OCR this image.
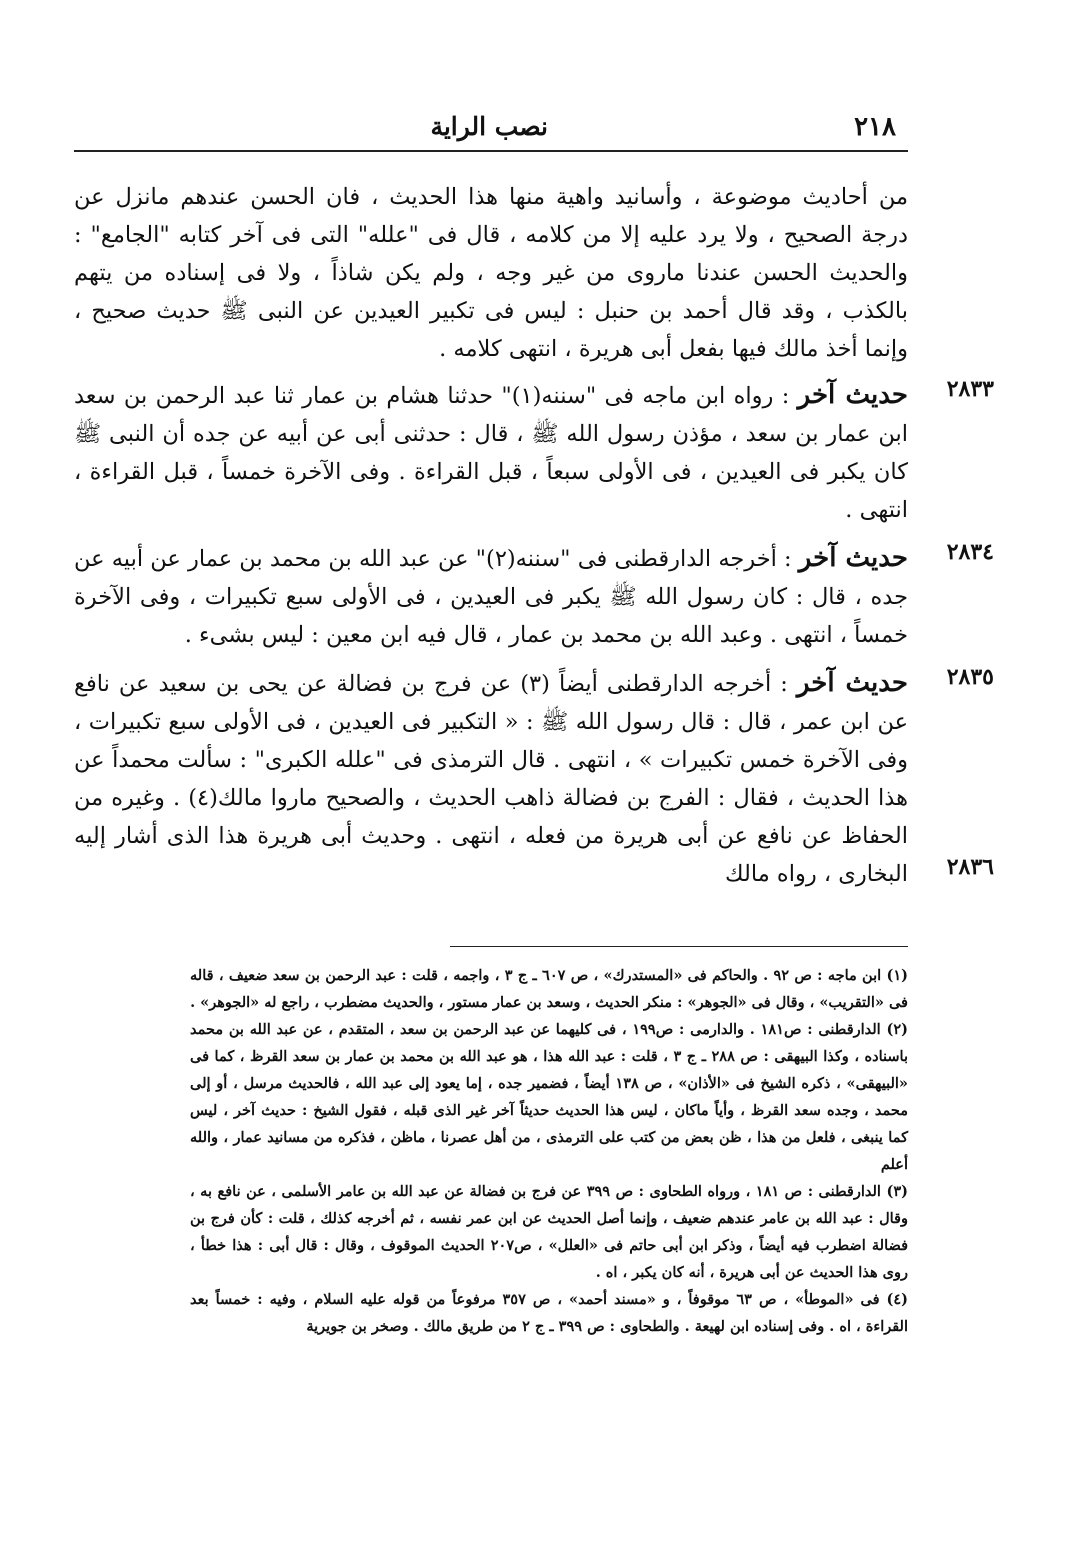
٢١٨
نصب الراية

من أحاديث موضوعة ، وأسانيد واهية منها هذا الحديث ، فان الحسن عندهم مانزل عن درجة الصحيح ، ولا يرد عليه إلا من كلامه ، قال فى "علله" التى فى آخر كتابه "الجامع" : والحديث الحسن عندنا ماروى من غير وجه ، ولم يكن شاذاً ، ولا فى إسناده من يتهم بالكذب ، وقد قال أحمد بن حنبل : ليس فى تكبير العيدين عن النبى ﷺ حديث صحيح ، وإنما أخذ مالك فيها بفعل أبى هريرة ، انتهى كلامه .

٢٨٣٣

حديث آخر : رواه ابن ماجه فى "سننه(١)" حدثنا هشام بن عمار ثنا عبد الرحمن بن سعد ابن عمار بن سعد ، مؤذن رسول الله ﷺ ، قال : حدثنى أبى عن أبيه عن جده أن النبى ﷺ كان يكبر فى العيدين ، فى الأولى سبعاً ، قبل القراءة . وفى الآخرة خمساً ، قبل القراءة ، انتهى .

٢٨٣٤

حديث آخر : أخرجه الدارقطنى فى "سننه(٢)" عن عبد الله بن محمد بن عمار عن أبيه عن جده ، قال : كان رسول الله ﷺ يكبر فى العيدين ، فى الأولى سبع تكبيرات ، وفى الآخرة خمساً ، انتهى . وعبد الله بن محمد بن عمار ، قال فيه ابن معين : ليس بشىء .

٢٨٣٥

حديث آخر : أخرجه الدارقطنى أيضاً (٣) عن فرج بن فضالة عن يحى بن سعيد عن نافع عن ابن عمر ، قال : قال رسول الله ﷺ : « التكبير فى العيدين ، فى الأولى سبع تكبيرات ، وفى الآخرة خمس تكبيرات » ، انتهى . قال الترمذى فى "علله الكبرى" : سألت محمداً عن هذا الحديث ، فقال : الفرج بن فضالة ذاهب الحديث ، والصحيح ماروا مالك(٤) . وغيره من الحفاظ عن نافع عن أبى هريرة من فعله ، انتهى . وحديث أبى هريرة هذا الذى أشار إليه البخارى ، رواه مالك	٢٨٣٦

(١) ابن ماجه : ص ٩٢ . والحاكم فى «المستدرك» ، ص ٦٠٧ ـ ج ٣ ، واجمه ، قلت : عبد الرحمن بن سعد ضعيف ، قاله فى «التقريب» ، وقال فى «الجوهر» : منكر الحديث ، وسعد بن عمار مستور ، والحديث مضطرب ، راجع له «الجوهر» .

(٢) الدارقطنى : ص١٨١ . والدارمى : ص١٩٩ ، فى كليهما عن عبد الرحمن بن سعد ، المتقدم ، عن عبد الله بن محمد باسناده ، وكذا البيهقى : ص ٢٨٨ ـ ج ٣ ، قلت : عبد الله هذا ، هو عبد الله بن محمد بن عمار بن سعد القرظ ، كما فى «البيهقى» ، ذكره الشيخ فى «الأذان» ، ص ١٣٨ أيضاً ، فضمير جده ، إما يعود إلى عبد الله ، فالحديث مرسل ، أو إلى محمد ، وجده سعد القرظ ، وأياً ماكان ، ليس هذا الحديث حديثاً آخر غير الذى قبله ، فقول الشيخ : حديث آخر ، ليس كما ينبغى ، فلعل من هذا ، ظن بعض من كتب على الترمذى ، من أهل عصرنا ، ماظن ، فذكره من مسانيد عمار ، والله أعلم

(٣) الدارقطنى : ص ١٨١ ، ورواه الطحاوى : ص ٣٩٩ عن فرج بن فضالة عن عبد الله بن عامر الأسلمى ، عن نافع به ، وقال : عبد الله بن عامر عندهم ضعيف ، وإنما أصل الحديث عن ابن عمر نفسه ، ثم أخرجه كذلك ، قلت : كأن فرج بن فضالة اضطرب فيه أيضاً ، وذكر ابن أبى حاتم فى «العلل» ، ص٢٠٧ الحديث الموقوف ، وقال : قال أبى : هذا خطأ ، روى هذا الحديث عن أبى هريرة ، أنه كان يكبر ، اه .

(٤) فى «الموطأ» ، ص ٦٣ موقوفاً ، و «مسند أحمد» ، ص ٣٥٧ مرفوعاً من قوله عليه السلام ، وفيه : خمساً بعد القراءة ، اه . وفى إسناده ابن لهيعة . والطحاوى : ص ٣٩٩ ـ ج ٢ من طريق مالك . وصخر بن جويرية
